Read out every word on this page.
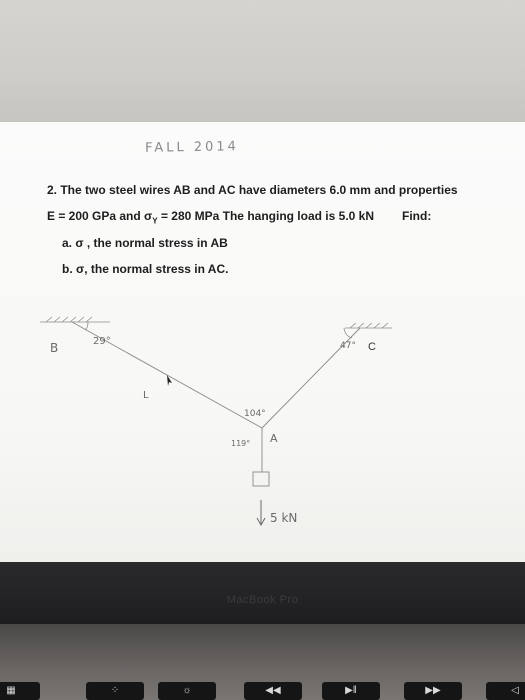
FALL 2014
2. The two steel wires AB and AC have diameters 6.0 mm and properties
E = 200 GPa and $\sigma_Y = 280$ MPa The hanging load is 5.0 kN Find:
a. σ , the normal stress in AB
b. σ, the normal stress in AC.
B	29°
L
47° C
104°
119° A
5 kN
MacBook Pro
▦	⁘	☼	◀◀	▶‖	▶▶	◁
